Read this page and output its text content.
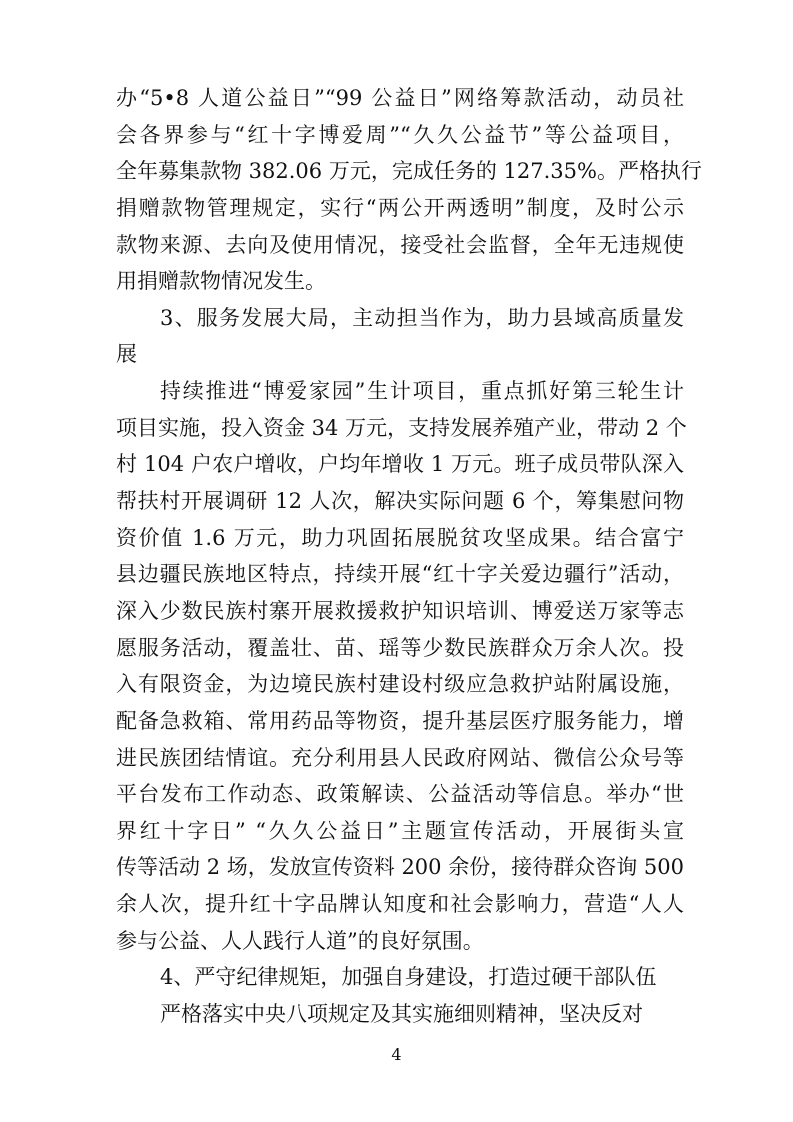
办“5•8 人道公益日”“99 公益日”网络筹款活动，动员社
会各界参与“红十字博爱周”“久久公益节”等公益项目，
全年募集款物 382.06 万元，完成任务的 127.35%。严格执行
捐赠款物管理规定，实行“两公开两透明”制度，及时公示
款物来源、去向及使用情况，接受社会监督，全年无违规使
用捐赠款物情况发生。
3、服务发展大局，主动担当作为，助力县域高质量发
展
持续推进“博爱家园”生计项目，重点抓好第三轮生计
项目实施，投入资金 34 万元，支持发展养殖产业，带动 2 个
村 104 户农户增收，户均年增收 1 万元。班子成员带队深入
帮扶村开展调研 12 人次，解决实际问题 6 个，筹集慰问物
资价值 1.6 万元，助力巩固拓展脱贫攻坚成果。结合富宁
县边疆民族地区特点，持续开展“红十字关爱边疆行”活动，
深入少数民族村寨开展救援救护知识培训、博爱送万家等志
愿服务活动，覆盖壮、苗、瑶等少数民族群众万余人次。投
入有限资金，为边境民族村建设村级应急救护站附属设施，
配备急救箱、常用药品等物资，提升基层医疗服务能力，增
进民族团结情谊。充分利用县人民政府网站、微信公众号等
平台发布工作动态、政策解读、公益活动等信息。举办“世
界红十字日” “久久公益日”主题宣传活动，开展街头宣
传等活动 2 场，发放宣传资料 200 余份，接待群众咨询 500
余人次，提升红十字品牌认知度和社会影响力，营造“人人
参与公益、人人践行人道”的良好氛围。
4、严守纪律规矩，加强自身建设，打造过硬干部队伍
严格落实中央八项规定及其实施细则精神，坚决反对
4
